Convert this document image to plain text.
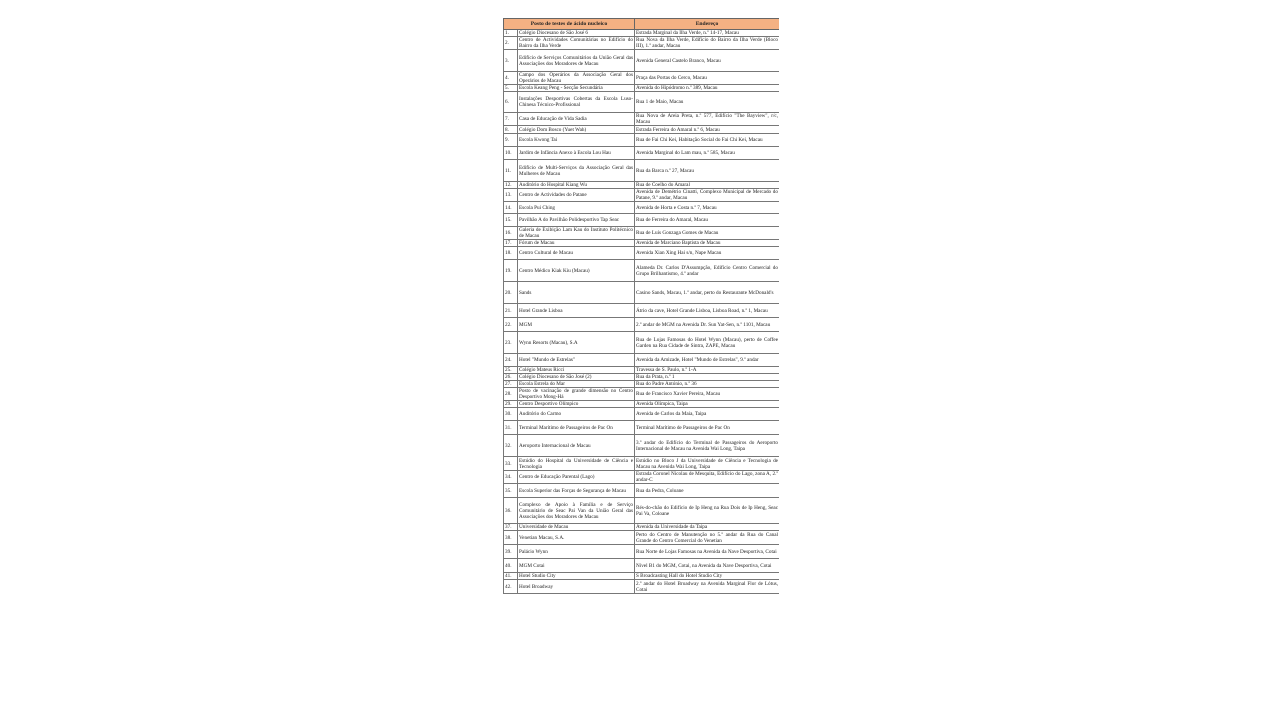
Posto de testes de ácido nucleico		Endereço
1.	Colégio Diocesano de São José 6	Estrada Marginal da Ilha Verde, n.º 14-17, Macau
2.	Centro de Actividades Comunitárias no Edifício do Bairro da Ilha Verde	Rua Nova da Ilha Verde, Edifício do Bairro da Ilha Verde (Bloco III), 1.º andar, Macau
3.	Edifício de Serviços Comunitários da União Geral das Associações dos Moradores de Macau	Avenida General Castelo Branco, Macau
4.	Campo dos Operários da Associação Geral dos Operários de Macau	Praça das Portas do Cerco, Macau
5.	Escola Keang Peng - Secção Secundária	Avenida do Hipódromo n.º 389, Macau
6.	Instalações Desportivas Cobertas da Escola Luso-Chinesa Técnico-Profissional	Rua 1 de Maio, Macau
7.	Casa de Educação de Vida Sadia	Rua Nova de Areia Preta, n.º 577, Edifício "The Bayview", r/c, Macau
8.	Colégio Dom Bosco (Yuet Wah)	Estrada Ferreira do Amaral n.º 6, Macau
9.	Escola Kwong Tai	Rua de Fai Chi Kei, Habitação Social do Fai Chi Kei, Macau
10.	Jardim de Infância Anexo à Escola Lou Hau	Avenida Marginal do Lam mau, n.º 585, Macau
11.	Edifício de Multi-Serviços da Associação Geral das Mulheres de Macau	Rua da Barca n.º 27, Macau
12.	Auditório do Hospital Kiang Wu	Rua de Coelho do Amaral
13.	Centro de Actividades do Patane	Avenida de Demétrio Cinatti, Complexo Municipal de Mercado do Patane, 9.º andar, Macau
14.	Escola Pui Ching	Avenida de Horta e Costa n.º 7, Macau
15.	Pavilhão A do Pavilhão Polidesportivo Tap Seac	Rua de Ferreira do Amaral, Macau
16.	Galeria de Exibição Lam Kau do Instituto Politécnico de Macau	Rua de Luís Gonzaga Gomes de Macau
17.	Fórum de Macau	Avenida de Marciano Baptista de Macau
18.	Centro Cultural de Macau	Avenida Xian Xing Hai s/n, Nape Macau
19.	Centro Médico Kiak Kiu (Macau)	Alameda Dr. Carlos D'Assumpção, Edifício Centro Comercial do Grupo Brilhantismo, 4.º andar
20.	Sands	Casino Sands, Macau, 1.º andar, perto do Restaurante McDonald's
21.	Hotel Grande Lisboa	Átrio da cave, Hotel Grande Lisboa, Lisboa Road, n.º 1, Macau
22.	MGM	2.º andar de MGM na Avenida Dr. Sun Yat-Sen, n.º 1101, Macau
23.	Wynn Resorts (Macau), S.A	Rua de Lojas Famosas do Hotel Wynn (Macau), perto de Coffee Garden na Rua Cidade de Sintra, ZAPE, Macau
24.	Hotel "Mundo de Estrelas"	Avenida da Amizade, Hotel "Mundo de Estrelas", 9.º andar
25.	Colégio Mateus Ricci	Travessa de S. Paulo, n.º 1-A
26.	Colégio Diocesano de São José (2)	Rua da Prata, n.º 1
27.	Escola Estrela do Mar	Rua do Padre António, n.º 36
28.	Posto de vacinação de grande dimensão no Centro Desportivo Mong-Há	Rua de Francisco Xavier Pereira, Macau
29.	Centro Desportivo Olímpico	Avenida Olímpica, Taipa
30.	Auditório do Carmo	Avenida de Carlos da Maia, Taipa
31.	Terminal Marítimo de Passageiros de Pac On	Terminal Marítimo de Passageiros de Pac On
32.	Aeroporto Internacional de Macau	3.º andar do Edifício do Terminal de Passageiros do Aeroporto Internacional de Macau na Avenida Wai Long, Taipa
33.	Estúdio do Hospital da Universidade de Ciência e Tecnologia	Estúdio no Bloco J da Universidade de Ciência e Tecnologia de Macau na Avenida Wai Long, Taipa
34.	Centro de Educação Parental (Lago)	Estrada Coronel Nicolau de Mesquita, Edifício do Lago, zona A, 2.º andar-C
35.	Escola Superior das Forças de Segurança de Macau	Rua da Pedra, Coloane
36.	Complexo de Apoio à Família e de Serviço Comunitário de Seac Pai Van da União Geral das Associações dos Moradores de Macau	Rés-do-chão do Edifício de Ip Heng na Rua Dois de Ip Heng, Seac Pai Va, Coloane
37.	Universidade de Macau	Avenida da Universidade da Taipa
38.	Venetian Macau, S.A.	Perto do Centro de Manutenção no 5.º andar da Rua do Canal Grande do Centro Comercial do Venetian
39.	Palácio Wynn	Rua Norte de Lojas Famosas na Avenida da Nave Desportiva, Cotai
40.	MGM Cotai	Nível B1 do MGM, Cotai, na Avenida da Nave Desportiva, Cotai
41.	Hotel Studio City	S Broadcasting Hall do Hotel Studio City
42.	Hotel Broadway	2.º andar do Hotel Broadway na Avenida Marginal Flor de Lótus, Cotai
